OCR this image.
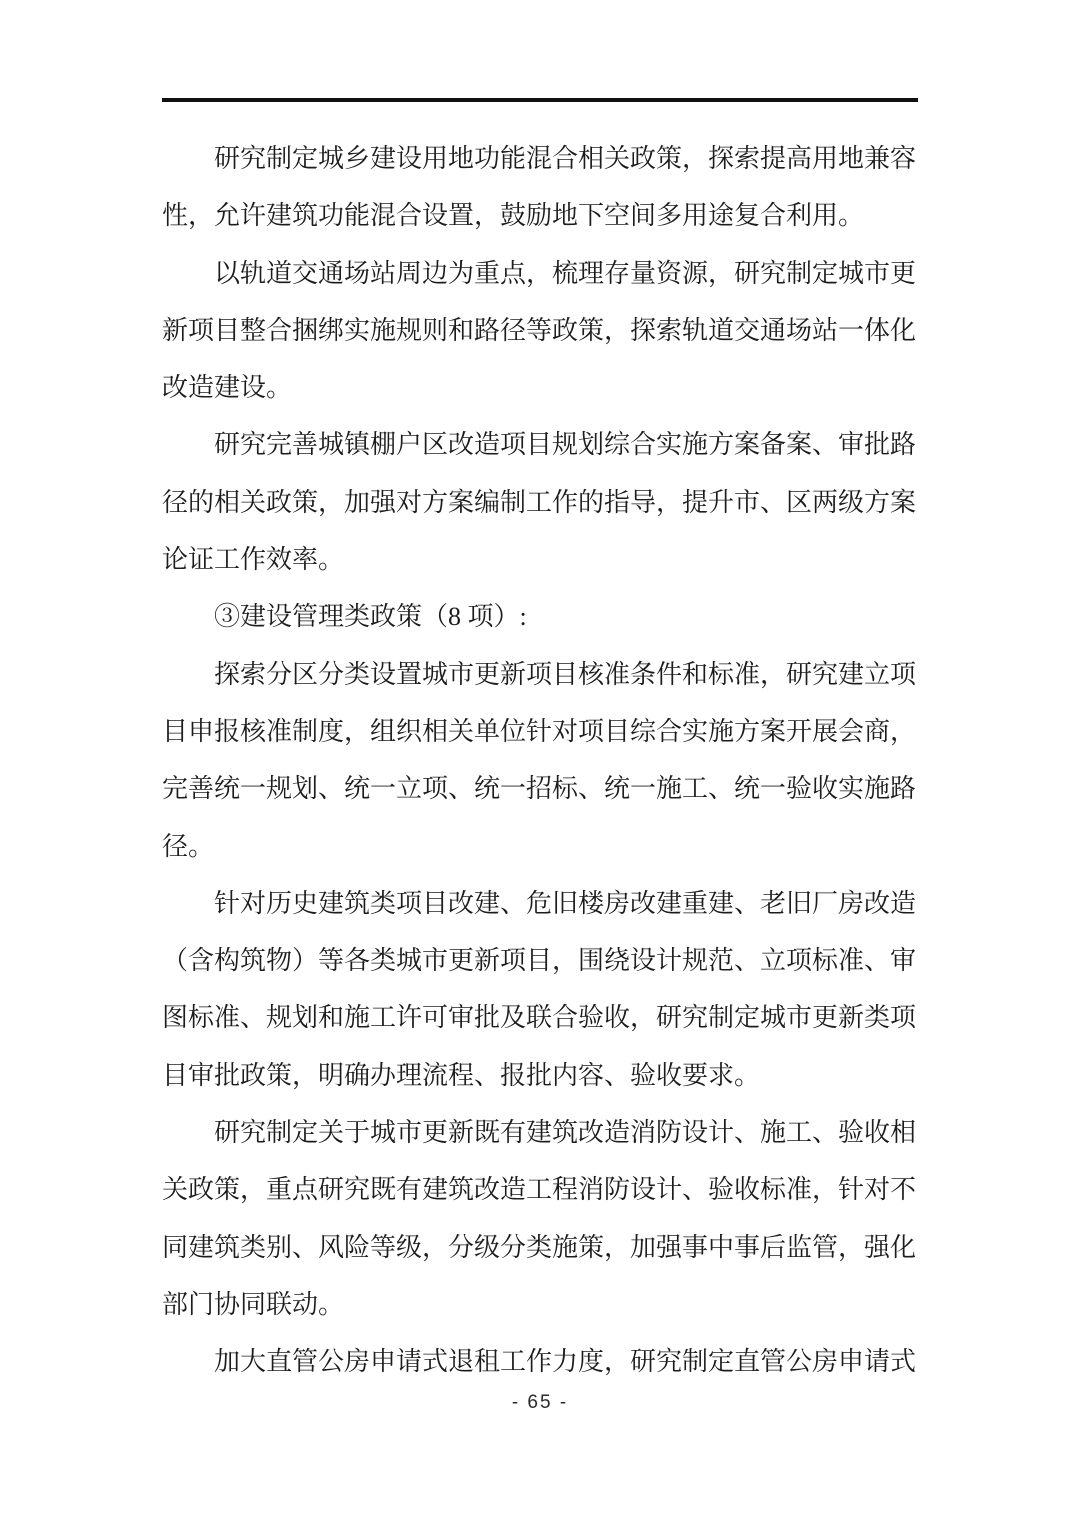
研究制定城乡建设用地功能混合相关政策，探索提高用地兼容
性，允许建筑功能混合设置，鼓励地下空间多用途复合利用。
以轨道交通场站周边为重点，梳理存量资源，研究制定城市更
新项目整合捆绑实施规则和路径等政策，探索轨道交通场站一体化
改造建设。
研究完善城镇棚户区改造项目规划综合实施方案备案、审批路
径的相关政策，加强对方案编制工作的指导，提升市、区两级方案
论证工作效率。
③建设管理类政策（8 项）:
探索分区分类设置城市更新项目核准条件和标准，研究建立项
目申报核准制度，组织相关单位针对项目综合实施方案开展会商，
完善统一规划、统一立项、统一招标、统一施工、统一验收实施路
径。
针对历史建筑类项目改建、危旧楼房改建重建、老旧厂房改造
（含构筑物）等各类城市更新项目，围绕设计规范、立项标准、审
图标准、规划和施工许可审批及联合验收，研究制定城市更新类项
目审批政策，明确办理流程、报批内容、验收要求。
研究制定关于城市更新既有建筑改造消防设计、施工、验收相
关政策，重点研究既有建筑改造工程消防设计、验收标准，针对不
同建筑类别、风险等级，分级分类施策，加强事中事后监管，强化
部门协同联动。
加大直管公房申请式退租工作力度，研究制定直管公房申请式
- 65 -
